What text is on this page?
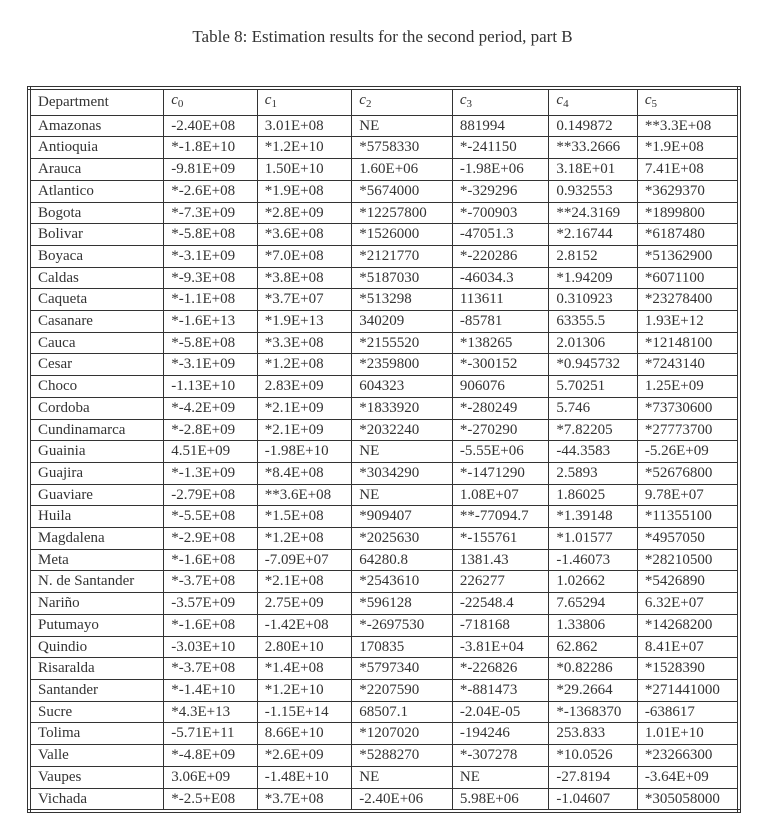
Table 8: Estimation results for the second period, part B
Department	$c_0$	$c_1$	$c_2$	$c_3$	$c_4$	$c_5$
Amazonas	-2.40E+08	3.01E+08	NE	881994	0.149872	**3.3E+08
Antioquia	*-1.8E+10	*1.2E+10	*5758330	*-241150	**33.2666	*1.9E+08
Arauca	-9.81E+09	1.50E+10	1.60E+06	-1.98E+06	3.18E+01	7.41E+08
Atlantico	*-2.6E+08	*1.9E+08	*5674000	*-329296	0.932553	*3629370
Bogota	*-7.3E+09	*2.8E+09	*12257800	*-700903	**24.3169	*1899800
Bolivar	*-5.8E+08	*3.6E+08	*1526000	-47051.3	*2.16744	*6187480
Boyaca	*-3.1E+09	*7.0E+08	*2121770	*-220286	2.8152	*51362900
Caldas	*-9.3E+08	*3.8E+08	*5187030	-46034.3	*1.94209	*6071100
Caqueta	*-1.1E+08	*3.7E+07	*513298	113611	0.310923	*23278400
Casanare	*-1.6E+13	*1.9E+13	340209	-85781	63355.5	1.93E+12
Cauca	*-5.8E+08	*3.3E+08	*2155520	*138265	2.01306	*12148100
Cesar	*-3.1E+09	*1.2E+08	*2359800	*-300152	*0.945732	*7243140
Choco	-1.13E+10	2.83E+09	604323	906076	5.70251	1.25E+09
Cordoba	*-4.2E+09	*2.1E+09	*1833920	*-280249	5.746	*73730600
Cundinamarca	*-2.8E+09	*2.1E+09	*2032240	*-270290	*7.82205	*27773700
Guainia	4.51E+09	-1.98E+10	NE	-5.55E+06	-44.3583	-5.26E+09
Guajira	*-1.3E+09	*8.4E+08	*3034290	*-1471290	2.5893	*52676800
Guaviare	-2.79E+08	**3.6E+08	NE	1.08E+07	1.86025	9.78E+07
Huila	*-5.5E+08	*1.5E+08	*909407	**-77094.7	*1.39148	*11355100
Magdalena	*-2.9E+08	*1.2E+08	*2025630	*-155761	*1.01577	*4957050
Meta	*-1.6E+08	-7.09E+07	64280.8	1381.43	-1.46073	*28210500
N. de Santander	*-3.7E+08	*2.1E+08	*2543610	226277	1.02662	*5426890
Nariño	-3.57E+09	2.75E+09	*596128	-22548.4	7.65294	6.32E+07
Putumayo	*-1.6E+08	-1.42E+08	*-2697530	-718168	1.33806	*14268200
Quindio	-3.03E+10	2.80E+10	170835	-3.81E+04	62.862	8.41E+07
Risaralda	*-3.7E+08	*1.4E+08	*5797340	*-226826	*0.82286	*1528390
Santander	*-1.4E+10	*1.2E+10	*2207590	*-881473	*29.2664	*271441000
Sucre	*4.3E+13	-1.15E+14	68507.1	-2.04E-05	*-1368370	-638617
Tolima	-5.71E+11	8.66E+10	*1207020	-194246	253.833	1.01E+10
Valle	*-4.8E+09	*2.6E+09	*5288270	*-307278	*10.0526	*23266300
Vaupes	3.06E+09	-1.48E+10	NE	NE	-27.8194	-3.64E+09
Vichada	*-2.5+E08	*3.7E+08	-2.40E+06	5.98E+06	-1.04607	*305058000
